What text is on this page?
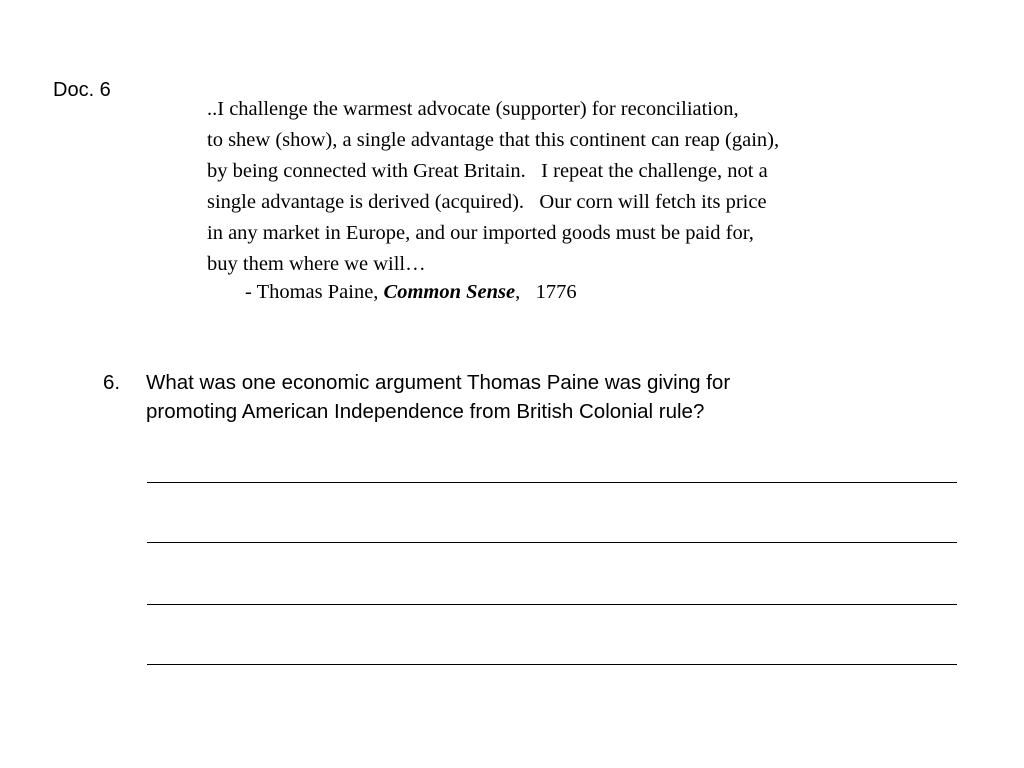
Doc. 6
..I challenge the warmest advocate (supporter) for reconciliation,
to shew (show), a single advantage that this continent can reap (gain),
by being connected with Great Britain.   I repeat the challenge, not a
single advantage is derived (acquired).   Our corn will fetch its price
in any market in Europe, and our imported goods must be paid for,
buy them where we will…
- Thomas Paine, Common Sense,   1776
6. What was one economic argument Thomas Paine was giving for
promoting American Independence from British Colonial rule?
